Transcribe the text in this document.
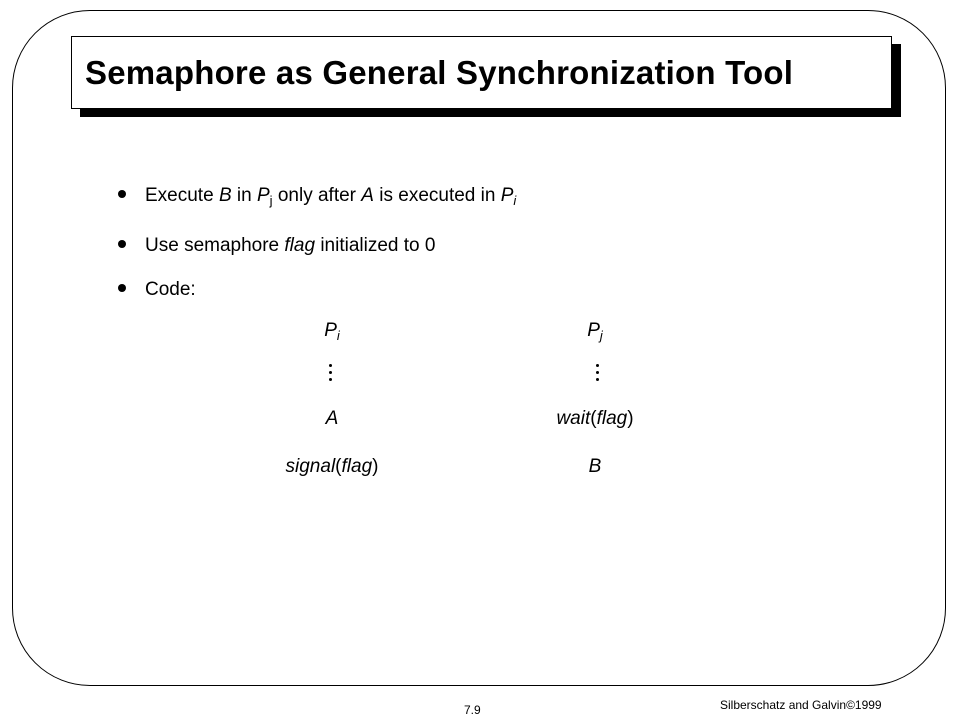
Semaphore as General Synchronization Tool
Execute B in $P_j$ only after A is executed in $P_i$
Use semaphore flag initialized to 0
Code:
$P_i$
A
signal(flag)
$P_j$
wait(flag)
B
7.9	Silberschatz and Galvin©1999
